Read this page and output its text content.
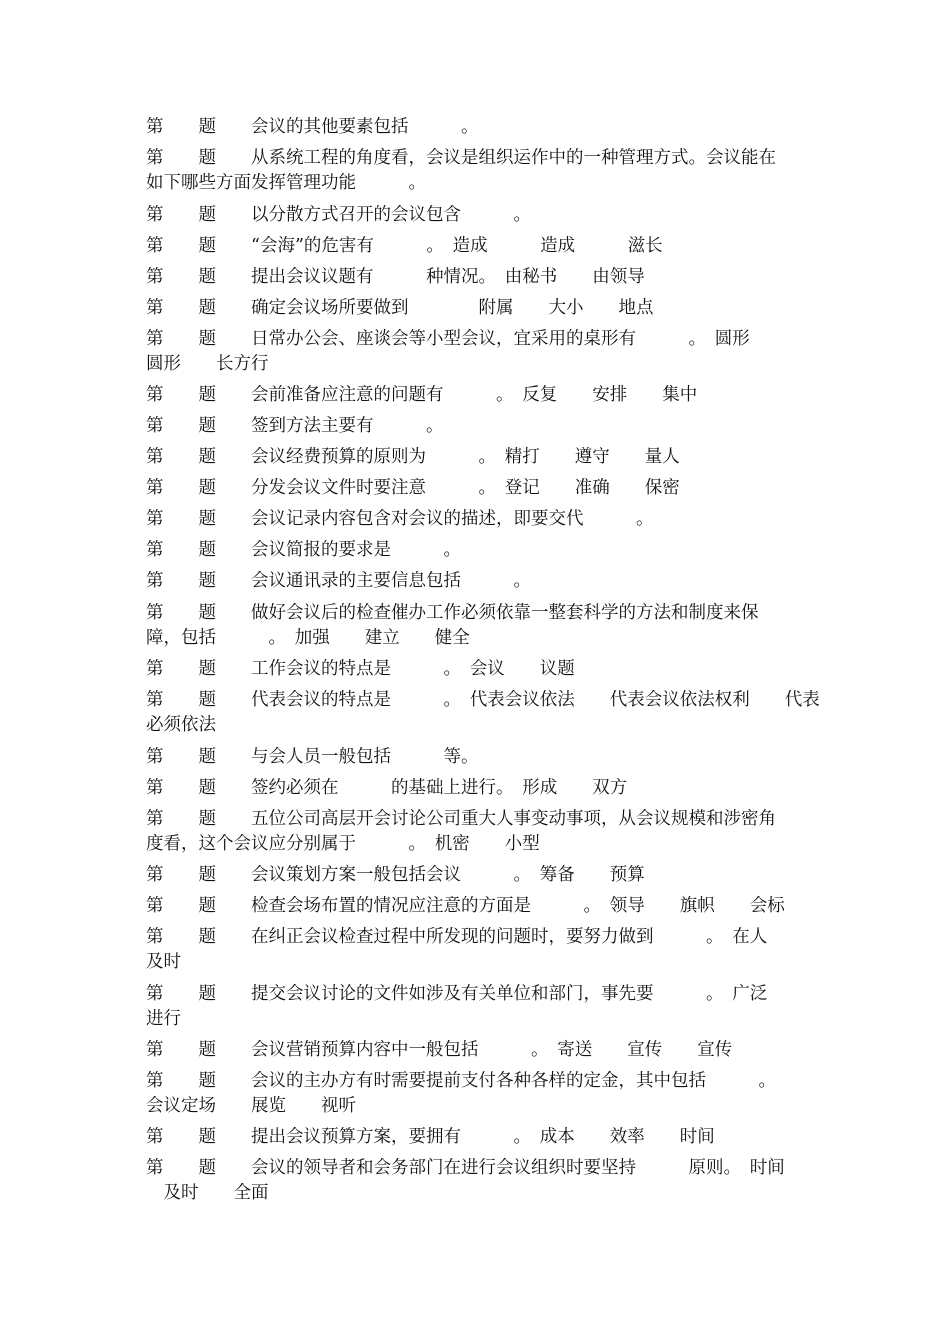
第　　题　　会议的其他要素包括　　　。

第　　题　　从系统工程的角度看，会议是组织运作中的一种管理方式。会议能在
如下哪些方面发挥管理功能　　　。

第　　题　　以分散方式召开的会议包含　　　。

第　　题　　“会海”的危害有　　　。　造成　　　造成　　　滋长

第　　题　　提出会议议题有　　　种情况。　由秘书　　由领导

第　　题　　确定会议场所要做到　　　　附属　　大小　　地点

第　　题　　日常办公会、座谈会等小型会议，宜采用的桌形有　　　。　圆形
圆形　　长方行

第　　题　　会前准备应注意的问题有　　　。　反复　　安排　　集中

第　　题　　签到方法主要有　　　。

第　　题　　会议经费预算的原则为　　　。　精打　　遵守　　量人

第　　题　　分发会议文件时要注意　　　。　登记　　准确　　保密

第　　题　　会议记录内容包含对会议的描述，即要交代　　　。

第　　题　　会议简报的要求是　　　。

第　　题　　会议通讯录的主要信息包括　　　。

第　　题　　做好会议后的检查催办工作必须依靠一整套科学的方法和制度来保
障，包括　　　。　加强　　建立　　健全

第　　题　　工作会议的特点是　　　。　会议　　议题

第　　题　　代表会议的特点是　　　。　代表会议依法　　代表会议依法权利　　代表
必须依法

第　　题　　与会人员一般包括　　　等。

第　　题　　签约必须在　　　的基础上进行。　形成　　双方

第　　题　　五位公司高层开会讨论公司重大人事变动事项，从会议规模和涉密角
度看，这个会议应分别属于　　　。　机密　　小型

第　　题　　会议策划方案一般包括会议　　　。　筹备　　预算

第　　题　　检查会场布置的情况应注意的方面是　　　。　领导　　旗帜　　会标

第　　题　　在纠正会议检查过程中所发现的问题时，要努力做到　　　。　在人
及时

第　　题　　提交会议讨论的文件如涉及有关单位和部门，事先要　　　。　广泛
进行

第　　题　　会议营销预算内容中一般包括　　　。　寄送　　宣传　　宣传

第　　题　　会议的主办方有时需要提前支付各种各样的定金，其中包括　　　。
会议定场　　展览　　视听

第　　题　　提出会议预算方案，要拥有　　　。　成本　　效率　　时间

第　　题　　会议的领导者和会务部门在进行会议组织时要坚持　　　原则。　时间
　及时　　全面
